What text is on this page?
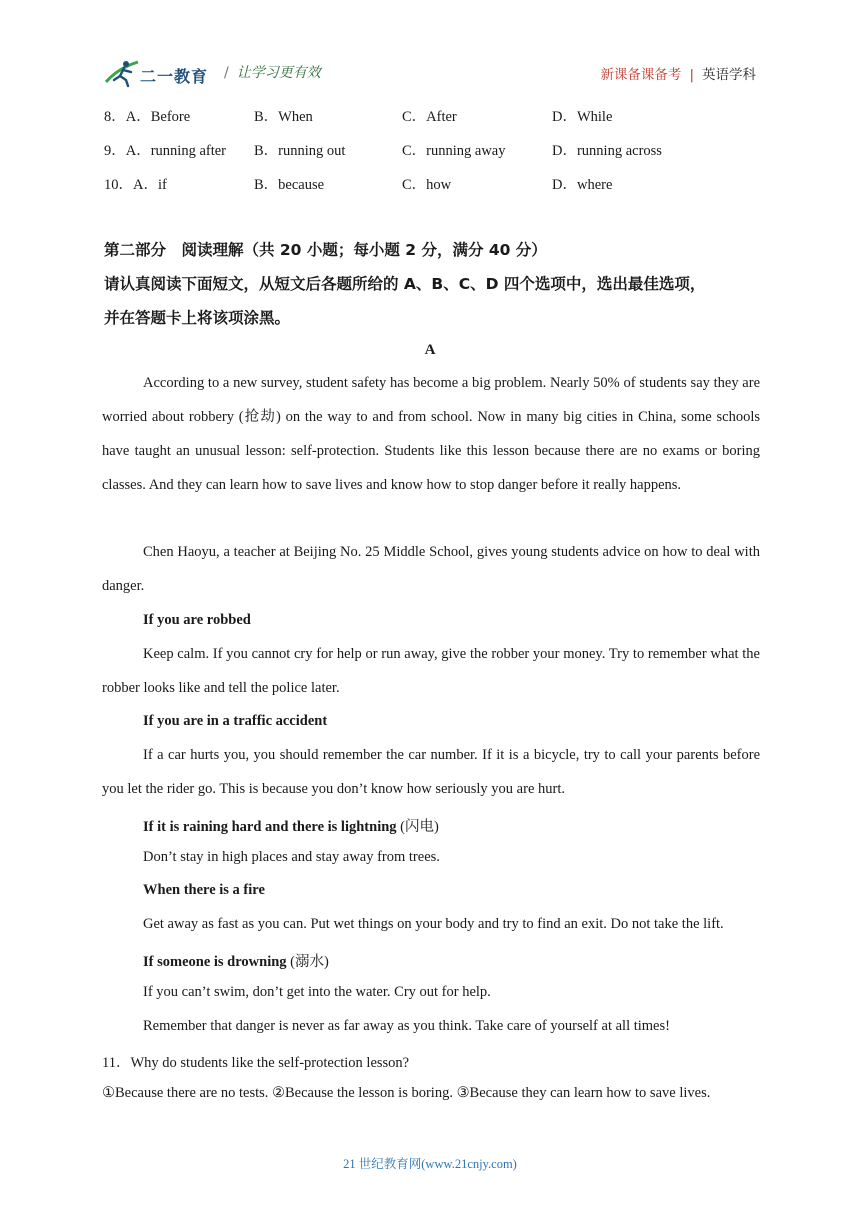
二一教育 / 让学习更有效	新课备课备考 | 英语学科
8．A．Before	B．When	C．After	D．While
9．A．running after B．running out	C．running away	D．running across
10．A．if	B．because	C．how	D．where
第二部分　阅读理解（共 20 小题；每小题 2 分，满分 40 分）
请认真阅读下面短文，从短文后各题所给的 A、B、C、D 四个选项中，选出最佳选项，
并在答题卡上将该项涂黑。
A

According to a new survey, student safety has become a big problem. Nearly 50% of students say they are worried about robbery (抢劫) on the way to and from school. Now in many big cities in China, some schools have taught an unusual lesson: self-protection. Students like this lesson because there are no exams or boring classes. And they can learn how to save lives and know how to stop danger before it really happens.

Chen Haoyu, a teacher at Beijing No. 25 Middle School, gives young students advice on how to deal with danger.

If you are robbed

Keep calm. If you cannot cry for help or run away, give the robber your money. Try to remember what the robber looks like and tell the police later.

If you are in a traffic accident

If a car hurts you, you should remember the car number. If it is a bicycle, try to call your parents before you let the rider go. This is because you don’t know how seriously you are hurt.

If it is raining hard and there is lightning (闪电)
Don’t stay in high places and stay away from trees.
When there is a fire
Get away as fast as you can. Put wet things on your body and try to find an exit. Do not take the lift.
If someone is drowning (溺水)
If you can’t swim, don’t get into the water. Cry out for help.
Remember that danger is never as far away as you think. Take care of yourself at all times!
11．Why do students like the self-protection lesson?
①Because there are no tests. ②Because the lesson is boring. ③Because they can learn how to save lives.
21 世纪教育网(www.21cnjy.com)
